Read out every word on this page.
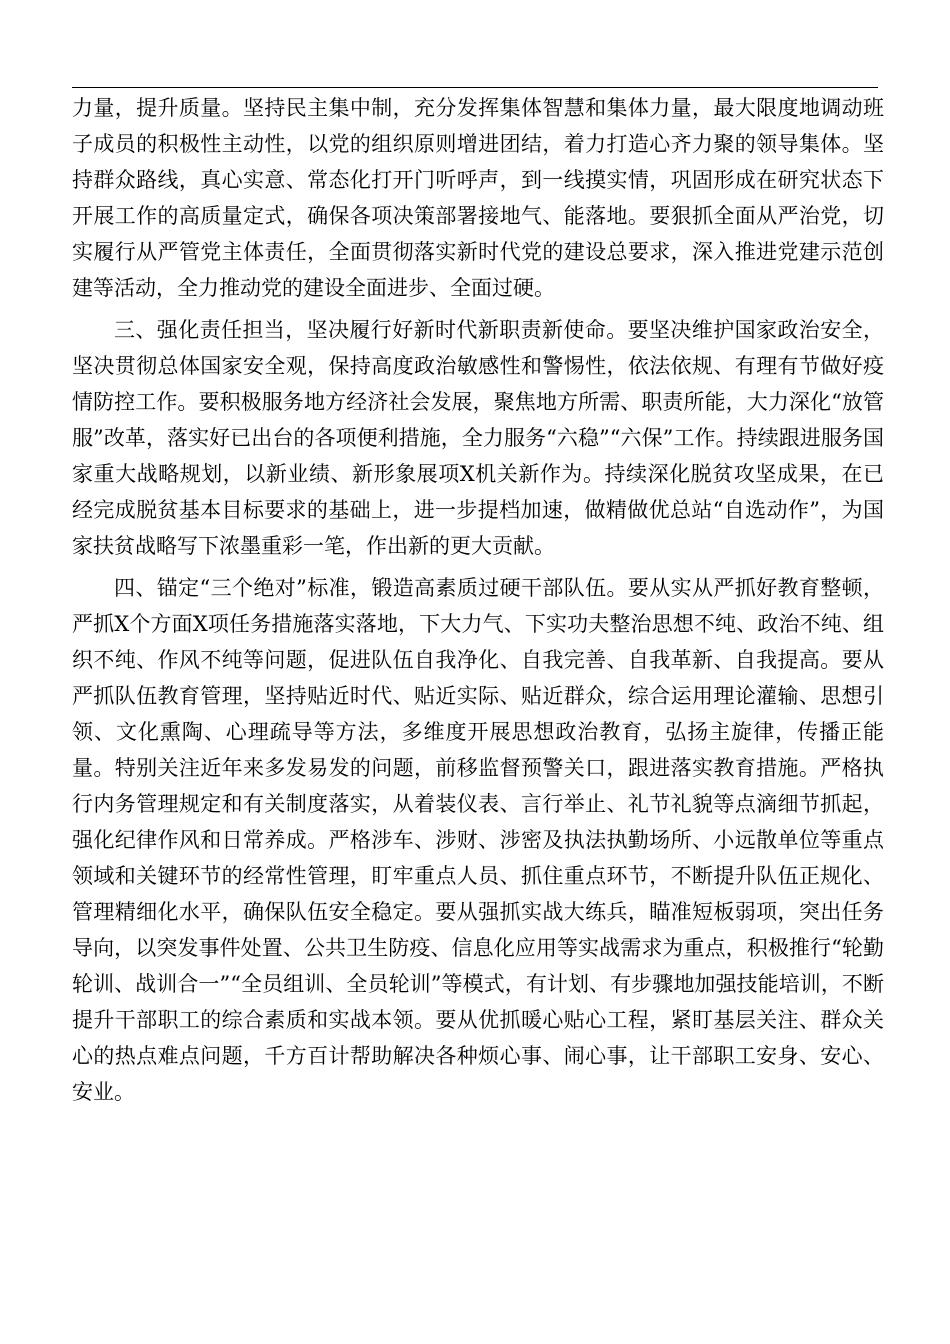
力量，提升质量。坚持民主集中制，充分发挥集体智慧和集体力量，最大限度地调动班子成员的积极性主动性，以党的组织原则增进团结，着力打造心齐力聚的领导集体。坚持群众路线，真心实意、常态化打开门听呼声，到一线摸实情，巩固形成在研究状态下开展工作的高质量定式，确保各项决策部署接地气、能落地。要狠抓全面从严治党，切实履行从严管党主体责任，全面贯彻落实新时代党的建设总要求，深入推进党建示范创建等活动，全力推动党的建设全面进步、全面过硬。

三、强化责任担当，坚决履行好新时代新职责新使命。要坚决维护国家政治安全，坚决贯彻总体国家安全观，保持高度政治敏感性和警惕性，依法依规、有理有节做好疫情防控工作。要积极服务地方经济社会发展，聚焦地方所需、职责所能，大力深化“放管服”改革，落实好已出台的各项便利措施，全力服务“六稳”“六保”工作。持续跟进服务国家重大战略规划，以新业绩、新形象展项X机关新作为。持续深化脱贫攻坚成果，在已经完成脱贫基本目标要求的基础上，进一步提档加速，做精做优总站“自选动作”，为国家扶贫战略写下浓墨重彩一笔，作出新的更大贡献。

四、锚定“三个绝对”标准，锻造高素质过硬干部队伍。要从实从严抓好教育整顿，严抓X个方面X项任务措施落实落地，下大力气、下实功夫整治思想不纯、政治不纯、组织不纯、作风不纯等问题，促进队伍自我净化、自我完善、自我革新、自我提高。要从严抓队伍教育管理，坚持贴近时代、贴近实际、贴近群众，综合运用理论灌输、思想引领、文化熏陶、心理疏导等方法，多维度开展思想政治教育，弘扬主旋律，传播正能量。特别关注近年来多发易发的问题，前移监督预警关口，跟进落实教育措施。严格执行内务管理规定和有关制度落实，从着装仪表、言行举止、礼节礼貌等点滴细节抓起，强化纪律作风和日常养成。严格涉车、涉财、涉密及执法执勤场所、小远散单位等重点领域和关键环节的经常性管理，盯牢重点人员、抓住重点环节，不断提升队伍正规化、管理精细化水平，确保队伍安全稳定。要从强抓实战大练兵，瞄准短板弱项，突出任务导向，以突发事件处置、公共卫生防疫、信息化应用等实战需求为重点，积极推行“轮勤轮训、战训合一”“全员组训、全员轮训”等模式，有计划、有步骤地加强技能培训，不断提升干部职工的综合素质和实战本领。要从优抓暖心贴心工程，紧盯基层关注、群众关心的热点难点问题，千方百计帮助解决各种烦心事、闹心事，让干部职工安身、安心、安业。
